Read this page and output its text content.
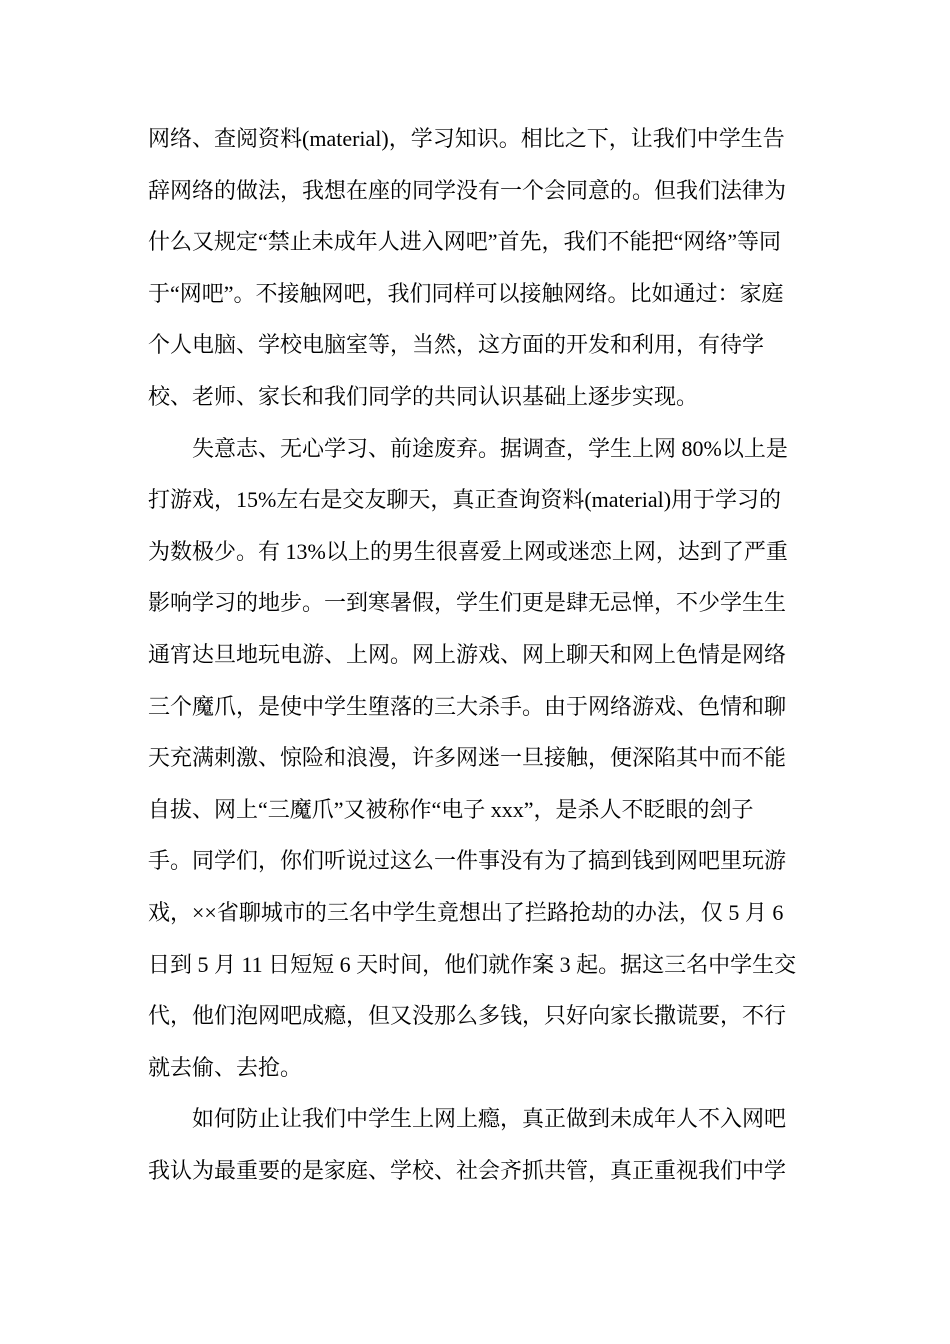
网络、查阅资料(material)，学习知识。相比之下，让我们中学生告
辞网络的做法，我想在座的同学没有一个会同意的。但我们法律为
什么又规定“禁止未成年人进入网吧”首先，我们不能把“网络”等同
于“网吧”。不接触网吧，我们同样可以接触网络。比如通过：家庭
个人电脑、学校电脑室等，当然，这方面的开发和利用，有待学
校、老师、家长和我们同学的共同认识基础上逐步实现。
失意志、无心学习、前途废弃。据调查，学生上网 80%以上是
打游戏，15%左右是交友聊天，真正查询资料(material)用于学习的
为数极少。有 13%以上的男生很喜爱上网或迷恋上网，达到了严重
影响学习的地步。一到寒暑假，学生们更是肆无忌惮，不少学生生
通宵达旦地玩电游、上网。网上游戏、网上聊天和网上色情是网络
三个魔爪，是使中学生堕落的三大杀手。由于网络游戏、色情和聊
天充满刺激、惊险和浪漫，许多网迷一旦接触，便深陷其中而不能
自拔、网上“三魔爪”又被称作“电子 xxx”，是杀人不眨眼的刽子
手。同学们，你们听说过这么一件事没有为了搞到钱到网吧里玩游
戏，××省聊城市的三名中学生竟想出了拦路抢劫的办法，仅 5 月 6
日到 5 月 11 日短短 6 天时间，他们就作案 3 起。据这三名中学生交
代，他们泡网吧成瘾，但又没那么多钱，只好向家长撒谎要，不行
就去偷、去抢。
如何防止让我们中学生上网上瘾，真正做到未成年人不入网吧
我认为最重要的是家庭、学校、社会齐抓共管，真正重视我们中学
